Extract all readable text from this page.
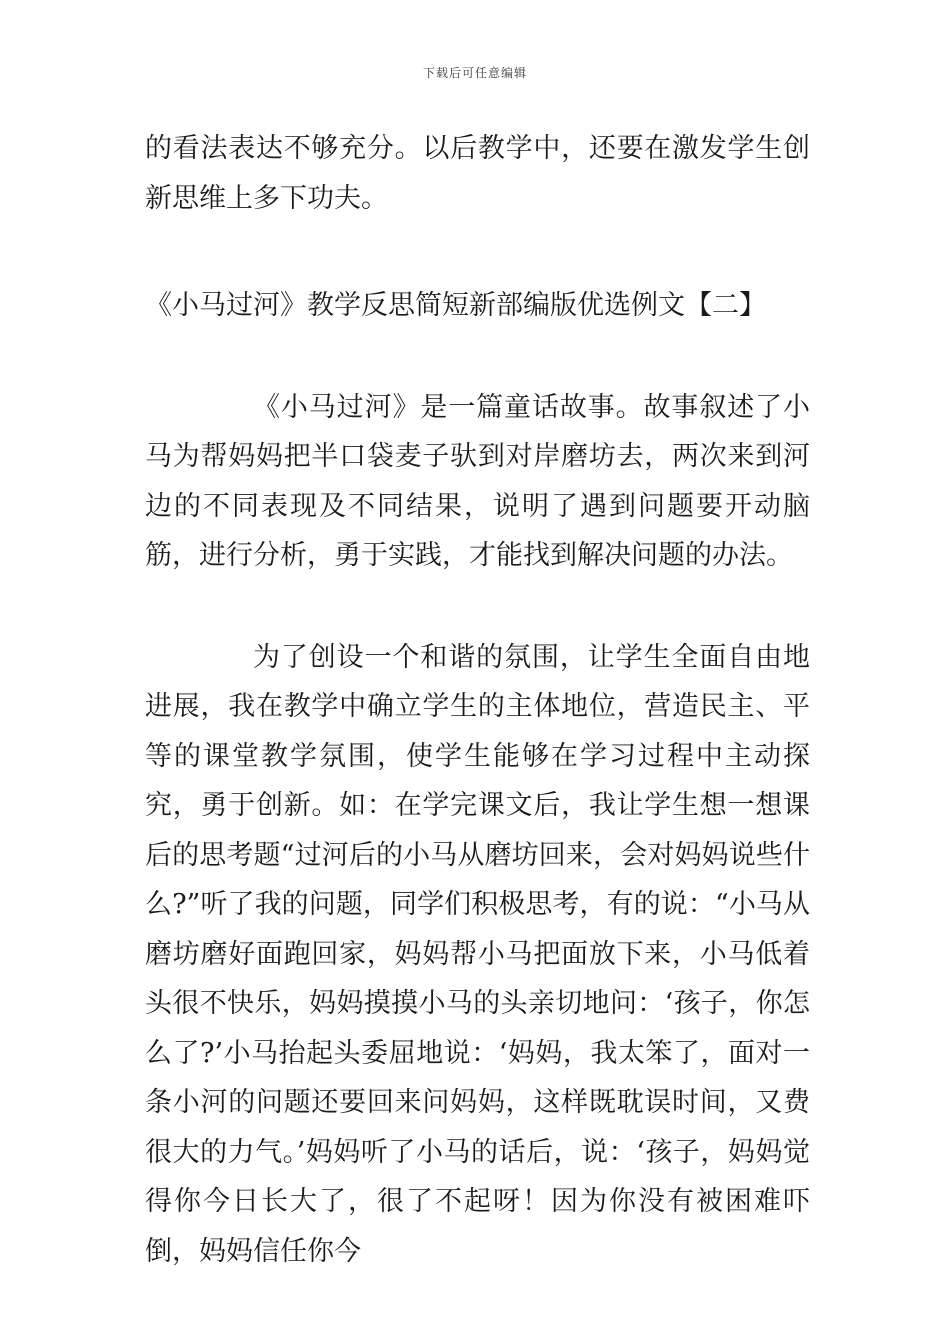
下载后可任意编辑

的看法表达不够充分。以后教学中，还要在激发学生创新思维上多下功夫。

《小马过河》教学反思简短新部编版优选例文【二】

《小马过河》是一篇童话故事。故事叙述了小马为帮妈妈把半口袋麦子驮到对岸磨坊去，两次来到河边的不同表现及不同结果，说明了遇到问题要开动脑筋，进行分析，勇于实践，才能找到解决问题的办法。

为了创设一个和谐的氛围，让学生全面自由地进展，我在教学中确立学生的主体地位，营造民主、平等的课堂教学氛围，使学生能够在学习过程中主动探究，勇于创新。如：在学完课文后，我让学生想一想课后的思考题“过河后的小马从磨坊回来，会对妈妈说些什么?”听了我的问题，同学们积极思考，有的说：“小马从磨坊磨好面跑回家，妈妈帮小马把面放下来，小马低着头很不快乐，妈妈摸摸小马的头亲切地问：‘孩子，你怎么了?’小马抬起头委屈地说：‘妈妈，我太笨了，面对一条小河的问题还要回来问妈妈，这样既耽误时间，又费很大的力气。’妈妈听了小马的话后，说：‘孩子，妈妈觉得你今日长大了，很了不起呀！因为你没有被困难吓倒，妈妈信任你今
